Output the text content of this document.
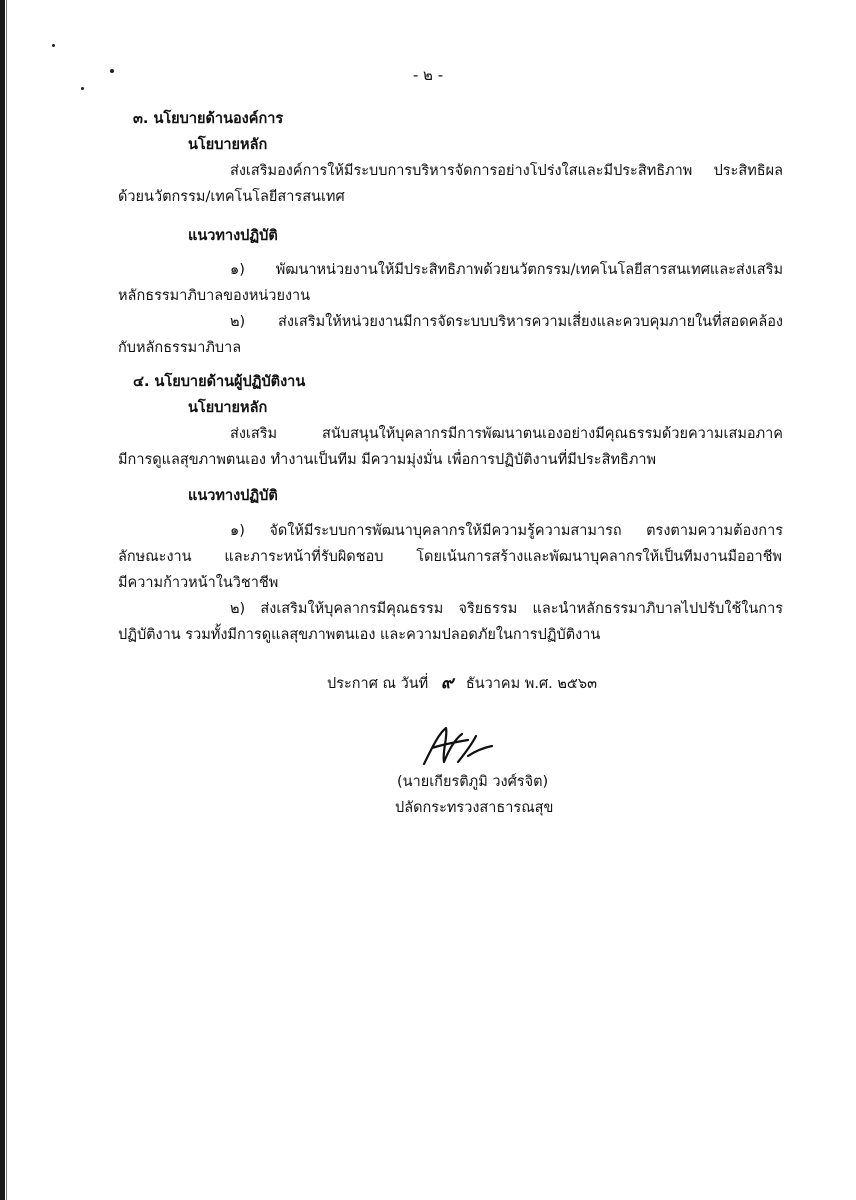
- ๒ -
๓. นโยบายด้านองค์การ
นโยบายหลัก
ส่งเสริมองค์การให้มีระบบการบริหารจัดการอย่างโปร่งใสและมีประสิทธิภาพ ประสิทธิผล
ด้วยนวัตกรรม/เทคโนโลยีสารสนเทศ
แนวทางปฏิบัติ
๑) พัฒนาหน่วยงานให้มีประสิทธิภาพด้วยนวัตกรรม/เทคโนโลยีสารสนเทศและส่งเสริม
หลักธรรมาภิบาลของหน่วยงาน
๒) ส่งเสริมให้หน่วยงานมีการจัดระบบบริหารความเสี่ยงและควบคุมภายในที่สอดคล้อง
กับหลักธรรมาภิบาล
๔. นโยบายด้านผู้ปฏิบัติงาน
นโยบายหลัก
ส่งเสริม สนับสนุนให้บุคลากรมีการพัฒนาตนเองอย่างมีคุณธรรมด้วยความเสมอภาค
มีการดูแลสุขภาพตนเอง ทำงานเป็นทีม มีความมุ่งมั่น เพื่อการปฏิบัติงานที่มีประสิทธิภาพ
แนวทางปฏิบัติ
๑) จัดให้มีระบบการพัฒนาบุคลากรให้มีความรู้ความสามารถ ตรงตามความต้องการ
ลักษณะงาน และภาระหน้าที่รับผิดชอบ โดยเน้นการสร้างและพัฒนาบุคลากรให้เป็นทีมงานมืออาชีพ
มีความก้าวหน้าในวิชาชีพ
๒) ส่งเสริมให้บุคลากรมีคุณธรรม จริยธรรม และนำหลักธรรมาภิบาลไปปรับใช้ในการ
ปฏิบัติงาน รวมทั้งมีการดูแลสุขภาพตนเอง และความปลอดภัยในการปฏิบัติงาน
ประกาศ ณ วันที่ ๙ ธันวาคม พ.ศ. ๒๕๖๓
(นายเกียรติภูมิ วงศ์รจิต)
ปลัดกระทรวงสาธารณสุข
